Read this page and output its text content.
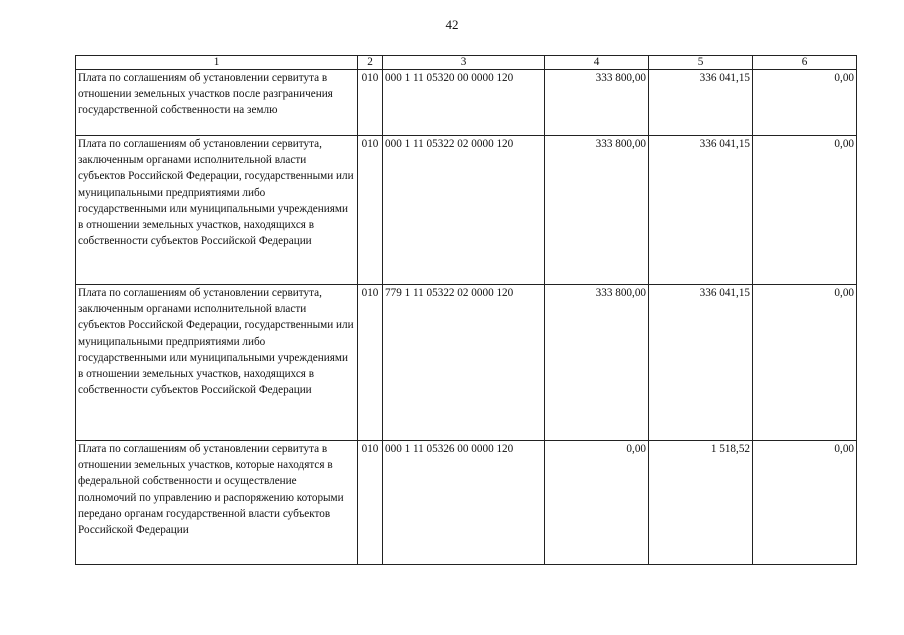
42
1	2	3	4	5	6
Плата по соглашениям об установлении сервитута в отношении земельных участков после разграничения государственной собственности на землю	010	000 1 11 05320 00 0000 120	333 800,00	336 041,15	0,00
Плата по соглашениям об установлении сервитута, заключенным органами исполнительной власти субъектов Российской Федерации, государственными или муниципальными предприятиями либо государственными или муниципальными учреждениями в отношении земельных участков, находящихся в собственности субъектов Российской Федерации	010	000 1 11 05322 02 0000 120	333 800,00	336 041,15	0,00
Плата по соглашениям об установлении сервитута, заключенным органами исполнительной власти субъектов Российской Федерации, государственными или муниципальными предприятиями либо государственными или муниципальными учреждениями в отношении земельных участков, находящихся в собственности субъектов Российской Федерации	010	779 1 11 05322 02 0000 120	333 800,00	336 041,15	0,00
Плата по соглашениям об установлении сервитута в отношении земельных участков, которые находятся в федеральной собственности и осуществление полномочий по управлению и распоряжению которыми передано органам государственной власти субъектов Российской Федерации	010	000 1 11 05326 00 0000 120	0,00	1 518,52	0,00
